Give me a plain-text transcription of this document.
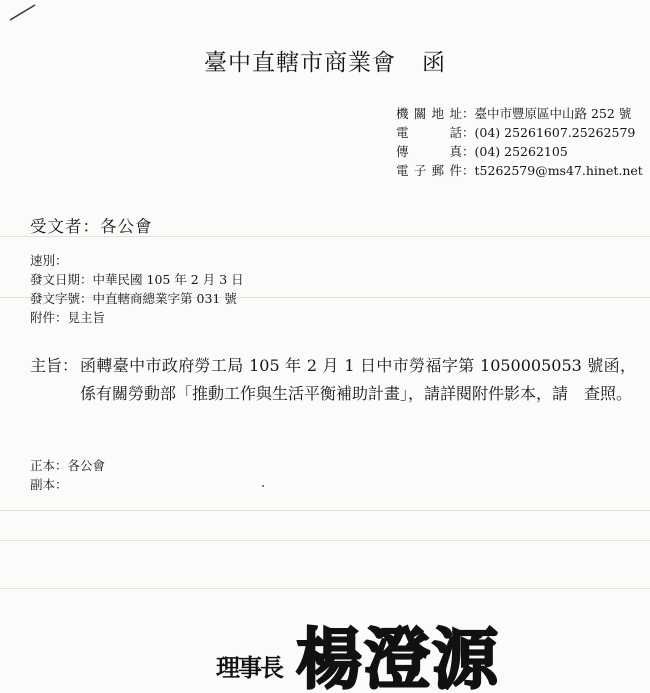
臺中直轄市商業會 函
機關地址：臺中市豐原區中山路 252 號
電　　話：(04) 25261607.25262579
傳　　真：(04) 25262105
電子郵件：t5262579@ms47.hinet.net
受文者：各公會
速別：
發文日期：中華民國 105 年 2 月 3 日
發文字號：中直轄商總業字第 031 號
附件：見主旨
主旨： 函轉臺中市政府勞工局 105 年 2 月 1 日中市勞福字第 1050005053 號函，係有關勞動部「推動工作與生活平衡補助計畫」，請詳閱附件影本，請　查照。
正本：各公會
副本：
理事長 楊澄源
